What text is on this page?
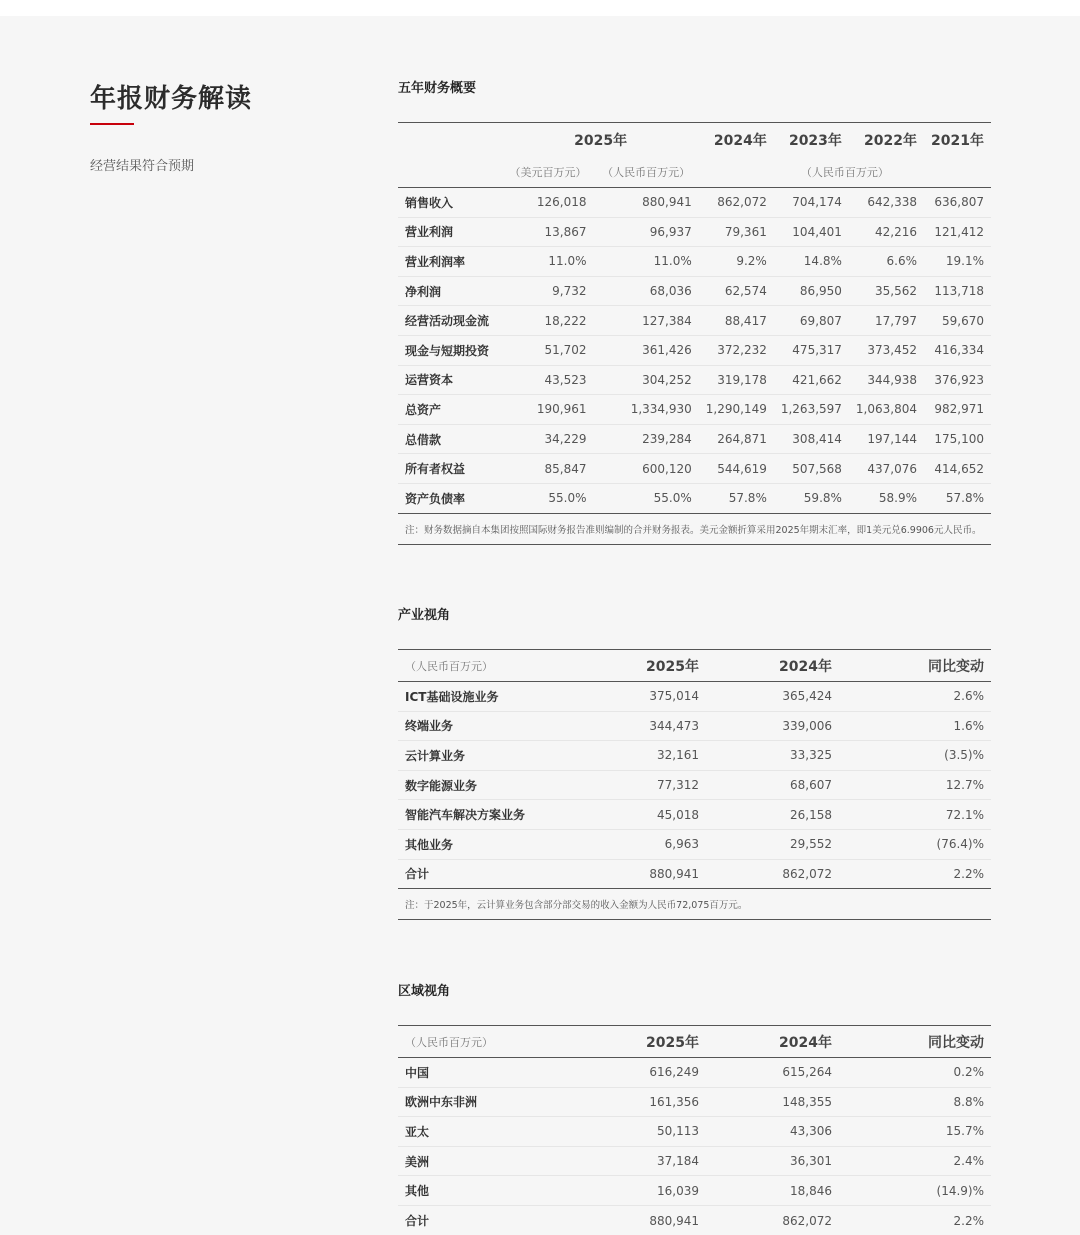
年报财务解读
经营结果符合预期
五年财务概要
	2025年		2024年	2023年	2022年	2021年
	（美元百万元）	（人民币百万元）	（人民币百万元）			
销售收入	126,018	880,941	862,072	704,174	642,338	636,807
营业利润	13,867	96,937	79,361	104,401	42,216	121,412
营业利润率	11.0%	11.0%	9.2%	14.8%	6.6%	19.1%
净利润	9,732	68,036	62,574	86,950	35,562	113,718
经营活动现金流	18,222	127,384	88,417	69,807	17,797	59,670
现金与短期投资	51,702	361,426	372,232	475,317	373,452	416,334
运营资本	43,523	304,252	319,178	421,662	344,938	376,923
总资产	190,961	1,334,930	1,290,149	1,263,597	1,063,804	982,971
总借款	34,229	239,284	264,871	308,414	197,144	175,100
所有者权益	85,847	600,120	544,619	507,568	437,076	414,652
资产负债率	55.0%	55.0%	57.8%	59.8%	58.9%	57.8%
注：财务数据摘自本集团按照国际财务报告准则编制的合并财务报表。美元金额折算采用2025年期末汇率，即1美元兑6.9906元人民币。						
产业视角
（人民币百万元）	2025年	2024年	同比变动
ICT基础设施业务	375,014	365,424	2.6%
终端业务	344,473	339,006	1.6%
云计算业务	32,161	33,325	(3.5)%
数字能源业务	77,312	68,607	12.7%
智能汽车解决方案业务	45,018	26,158	72.1%
其他业务	6,963	29,552	(76.4)%
合计	880,941	862,072	2.2%
注：于2025年，云计算业务包含部分部交易的收入金额为人民币72,075百万元。			
区域视角
（人民币百万元）	2025年	2024年	同比变动
中国	616,249	615,264	0.2%
欧洲中东非洲	161,356	148,355	8.8%
亚太	50,113	43,306	15.7%
美洲	37,184	36,301	2.4%
其他	16,039	18,846	(14.9)%
合计	880,941	862,072	2.2%
